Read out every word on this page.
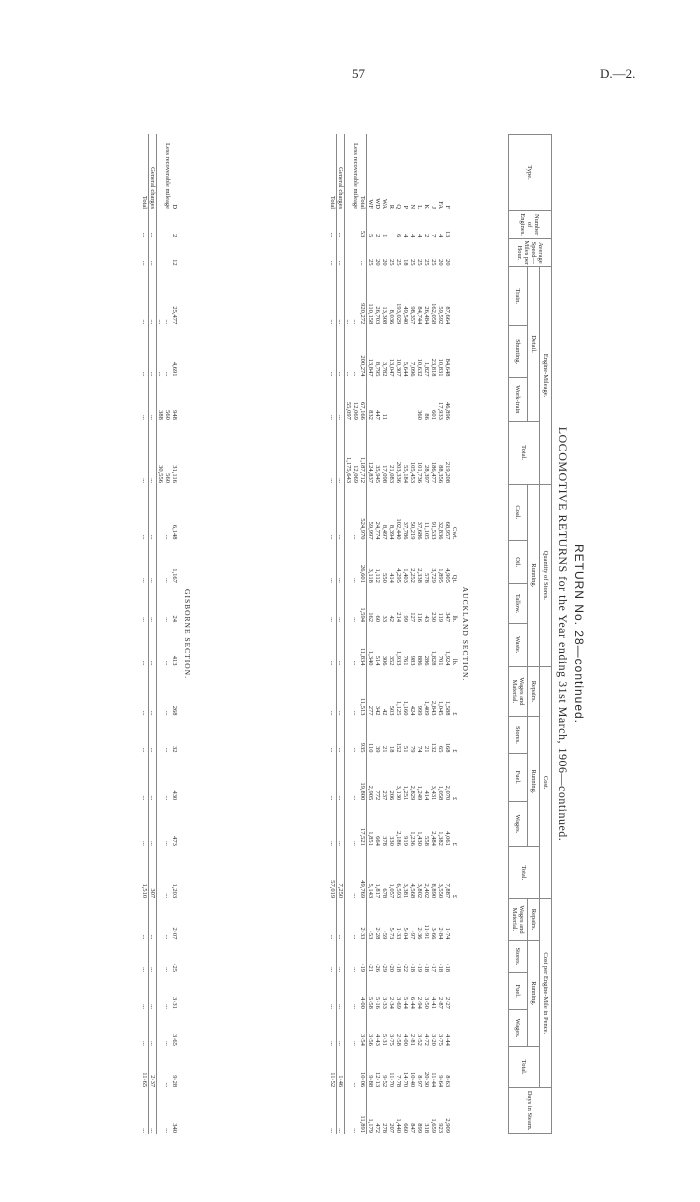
57	D.—2.
RETURN No. 28—continued.
LOCOMOTIVE RETURNS for the Year ending 31st March, 1906—continued.
Type.	Number of Engines.	Average Speed—Miles per Hour.	Engine-Mileage.				Quantity of Stores.				Cost.					Cost per Engine-Mile in Pence.					Days in Steam.
			Detail.			Total.	Running.				Repairs.	Running.			Total.	Repairs.	Running.			Total.	
			Train.	Shunting.	Work-train		Coal.	Oil.	Tallow.	Waste.		Stores.	Fuel.	Wages.			Stores.	Fuel.	Wages.		
											Wages and Material.					Wages and Material.					
AUCKLAND SECTION.
							Cwt.	Qt.	lb.	lb.	£	£	£	£	£						
F	13	20	87,664	84,648	46,896	219,208	68,957	4,905	347	1,924	1,588	168	2,070	4,061	7,887	1·74	·18	2·27	4·44	8·63	2,909
FA	4	20	59,592	10,831	17,933	88,356	32,836	1,895	119	701	1,045	65	1,058	1,382	3,550	2·84	·18	2·87	3·75	9·64	923
J	7	25	162,058	23,818	601	186,477	91,533	3,729	230	1,828	2,843	132	3,431	2,484	8,890	3·66	·17	4·41	3·20	11·44	1,659
K	2	25	26,484	1,827	86	28,397	11,105	578	43	286	1,409	21	414	558	2,402	11·91	·18	3·50	4·72	20·30	318
L	4	25	84,744	10,632	360	101,736	37,686	2,338	116	886	999	74	1,249	1,430	3,802	2·36	·19	2·94	3·52	8·97	899
N	4	25	98,357	7,096		105,453	50,219	2,252	127	983	424	79	2,829	1,236	4,568	·97	·18	6·44	2·81	10·40	847
P	4	18	49,540	5,644		55,184	37,786	1,403	99	761	1,160	51	1,251	919	3,381	5·04	·22	5·44	4·00	14·70	660
Q	6	25	193,029	10,307		203,336	102,440	4,295	214	1,933	1,125	152	3,130	2,186	6,593	1·33	·18	3·69	2·58	7·78	1,440
R		25	8,036	13,047		21,083	8,394	414	42	352	503	18	206	330	1,057	5·73	·20	2·34	3·75	11·70	207
WA	1	20	13,308	3,782	11	17,098	8,497	550	33	306	42	21	237	378	678	·59	·29	3·33	5·31	9·52	278
WD	2	20	26,703	8,795	447	35,945	24,774	1,112	60	514	342	39	772	664	1,817	2·28	·26	5·16	4·43	12·13	472
WF	5	25	110,158	13,847	832	124,837	59,997	3,118	162	1,340	277	110	2,905	1,851	5,143	·53	·21	5·58	3·56	9·88	1,179
Total	53	...	920,272	200,274	67,166	1,187,712	524,970	26,601	1,594	11,834	11,513	935	19,800	17,521	49,769	2·33	·19	4·00	3·54	10·06	11,891
Less recoverable mileage			...	...	12,069	12,069	...	...	...	...	...	...	...	...	...	...	...	...	...	...	...
			...	...	55,097	1,175,643															
General charges	...	...	...	...	...	...	...	...	...	...	...	...	...	...	7,250	...	...	...	...	1·46	...
Total	...	...	...	...	...	...	...	...	...	...	...	...	...	...	57,019	...	...	...	...	11·52	...
GISBORNE SECTION.
D	2	12	25,477	4,691	948	31,116	6,148	1,167	24	413	268	32	430	473	1,203	2·07	·25	3·31	3·65	9·28	340
Less recoverable mileage			...	...	560	560	...	...	...	...	...	...	...	...	...	...	...	...	...	...	...
			...	...	388	30,556															
General charges	...	...	...	...	...	...	...	...	...	...	...	...	...	...	307	...	...	...	...	2·37	...
Total	...	...	...	...	...	...	...	...	...	...	...	...	...	...	1,510	...	...	...	...	11·65	...
